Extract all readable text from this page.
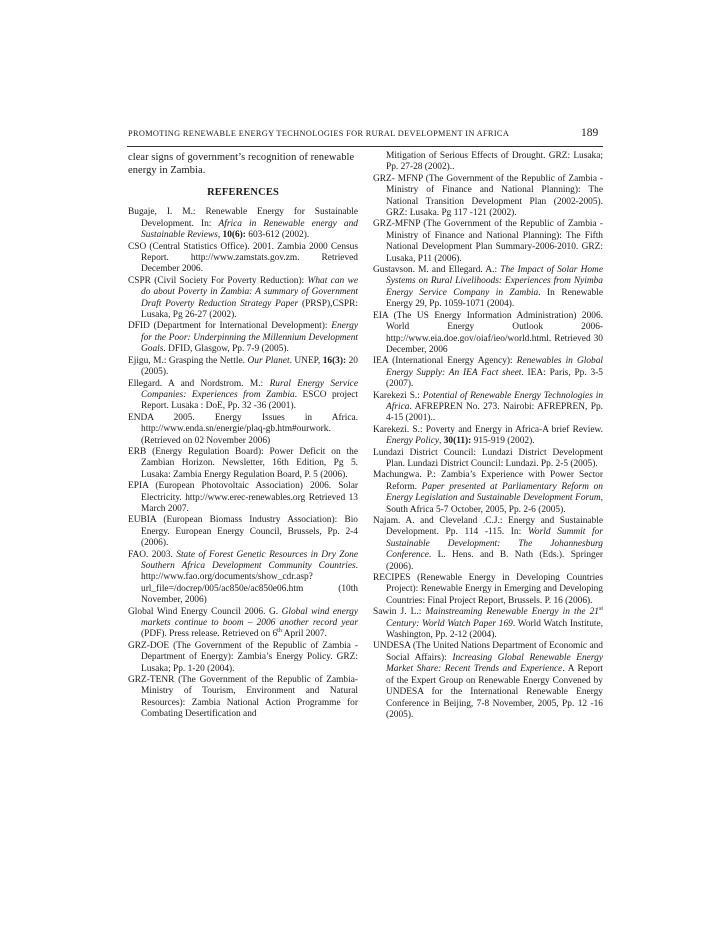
PROMOTING RENEWABLE ENERGY TECHNOLOGIES FOR RURAL DEVELOPMENT IN AFRICA	189

clear signs of government’s recognition of renewable energy in Zambia.

REFERENCES

Bugaje, I. M.: Renewable Energy for Sustainable Development. In: Africa in Renewable energy and Sustainable Reviews, 10(6): 603-612 (2002).

CSO (Central Statistics Office). 2001. Zambia 2000 Census Report. http://www.zamstats.gov.zm. Retrieved December 2006.

CSPR (Civil Society For Poverty Reduction): What can we do about Poverty in Zambia: A summary of Government Draft Poverty Reduction Strategy Paper (PRSP),CSPR: Lusaka, Pg 26-27 (2002).

DFID (Department for International Development): Energy for the Poor: Underpinning the Millennium Development Goals. DFID, Glasgow, Pp. 7-9 (2005).

Ejigu, M.: Grasping the Nettle. Our Planet. UNEP, 16(3): 20 (2005).

Ellegard. A and Nordstrom. M.: Rural Energy Service Companies: Experiences from Zambia. ESCO project Report. Lusaka : DoE, Pp. 32 -36 (2001).

ENDA 2005. Energy Issues in Africa. http://www.enda.sn/energie/plaq-gb.htm#ourwork. (Retrieved on 02 November 2006)

ERB (Energy Regulation Board): Power Deficit on the Zambian Horizon. Newsletter, 16th Edition, Pg 5. Lusaka: Zambia Energy Regulation Board, P. 5 (2006).

EPIA (European Photovoltaic Association) 2006. Solar Electricity. http://www.erec-renewables.org Retrieved 13 March 2007.

EUBIA (European Biomass Industry Association): Bio Energy. European Energy Council, Brussels, Pp. 2-4 (2006).

FAO. 2003. State of Forest Genetic Resources in Dry Zone Southern Africa Development Community Countries. http://www.fao.org/documents/show_cdr.asp?url_file=/docrep/005/ac850e/ac850e06.htm (10th November, 2006)

Global Wind Energy Council 2006. G. Global wind energy markets continue to boom – 2006 another record year (PDF). Press release. Retrieved on 6th April 2007.

GRZ-DOE (The Government of the Republic of Zambia - Department of Energy): Zambia’s Energy Policy. GRZ: Lusaka; Pp. 1-20 (2004).

GRZ-TENR (The Government of the Republic of Zambia-Ministry of Tourism, Environment and Natural Resources): Zambia National Action Programme for Combating Desertification and

Mitigation of Serious Effects of Drought. GRZ: Lusaka; Pp. 27-28 (2002)..

GRZ- MFNP (The Government of the Republic of Zambia - Ministry of Finance and National Planning): The National Transition Development Plan (2002-2005). GRZ: Lusaka. Pg 117 -121 (2002).

GRZ-MFNP (The Government of the Republic of Zambia - Ministry of Finance and National Planning): The Fifth National Development Plan Summary-2006-2010. GRZ: Lusaka, P11 (2006).

Gustavson. M. and Ellegard. A.: The Impact of Solar Home Systems on Rural Livelihoods: Experiences from Nyimba Energy Service Company in Zambia. In Renewable Energy 29, Pp. 1059-1071 (2004).

EIA (The US Energy Information Administration) 2006. World Energy Outlook 2006-http://www.eia.doe.gov/oiaf/ieo/world.html. Retrieved 30 December, 2006

IEA (International Energy Agency): Renewables in Global Energy Supply: An IEA Fact sheet. IEA: Paris, Pp. 3-5 (2007).

Karekezi S.: Potential of Renewable Energy Technologies in Africa. AFREPREN No. 273. Nairobi: AFREPREN, Pp. 4-15 (2001)..

Karekezi. S.: Poverty and Energy in Africa-A brief Review. Energy Policy, 30(11): 915-919 (2002).

Lundazi District Council: Lundazi District Development Plan. Lundazi District Council: Lundazi. Pp. 2-5 (2005).

Machungwa. P.: Zambia’s Experience with Power Sector Reform. Paper presented at Parliamentary Reform on Energy Legislation and Sustainable Development Forum, South Africa 5-7 October, 2005, Pp. 2-6 (2005).

Najam. A. and Cleveland .C.J.: Energy and Sustainable Development. Pp. 114 -115. In: World Summit for Sustainable Development: The Johannesburg Conference. L. Hens. and B. Nath (Eds.). Springer (2006).

RECIPES (Renewable Energy in Developing Countries Project): Renewable Energy in Emerging and Developing Countries: Final Project Report, Brussels. P. 16 (2006).

Sawin J. L.: Mainstreaming Renewable Energy in the 21st Century: World Watch Paper 169. World Watch Institute, Washington, Pp. 2-12 (2004).

UNDESA (The United Nations Department of Economic and Social Affairs): Increasing Global Renewable Energy Market Share: Recent Trends and Experience. A Report of the Expert Group on Renewable Energy Convened by UNDESA for the International Renewable Energy Conference in Beijing, 7-8 November, 2005, Pp. 12 -16 (2005).
